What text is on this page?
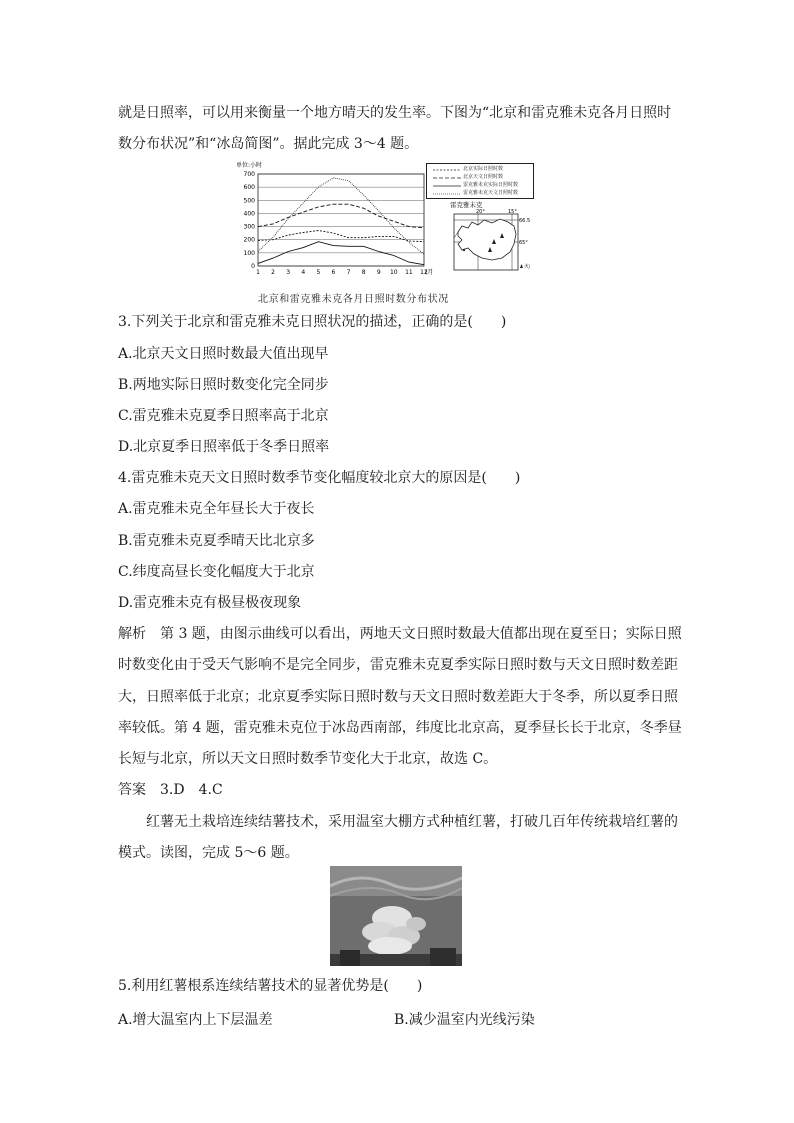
就是日照率，可以用来衡量一个地方晴天的发生率。下图为“北京和雷克雅未克各月日照时
数分布状况”和“冰岛简图”。据此完成 3～4 题。
单位:小时
0
100
200
300
400
500
600
700
1 2 3 4 5 6 7 8 9 10 11 12
(月
北京实际日照时数
北京天文日照时数
雷克雅未克实际日照时数
雷克雅未克天文日照时数
雷克雅未克
20°	15°
66.5
65°
火
北京和雷克雅未克各月日照时数分布状况
3.下列关于北京和雷克雅未克日照状况的描述，正确的是(　　)
A.北京天文日照时数最大值出现早
B.两地实际日照时数变化完全同步
C.雷克雅未克夏季日照率高于北京
D.北京夏季日照率低于冬季日照率
4.雷克雅未克天文日照时数季节变化幅度较北京大的原因是(　　)
A.雷克雅未克全年昼长大于夜长
B.雷克雅未克夏季晴天比北京多
C.纬度高昼长变化幅度大于北京
D.雷克雅未克有极昼极夜现象
解析　第 3 题，由图示曲线可以看出，两地天文日照时数最大值都出现在夏至日；实际日照
时数变化由于受天气影响不是完全同步，雷克雅未克夏季实际日照时数与天文日照时数差距
大，日照率低于北京；北京夏季实际日照时数与天文日照时数差距大于冬季，所以夏季日照
率较低。第 4 题，雷克雅未克位于冰岛西南部，纬度比北京高，夏季昼长长于北京，冬季昼
长短与北京，所以天文日照时数季节变化大于北京，故选 C。
答案　3.D　4.C
红薯无土栽培连续结薯技术，采用温室大棚方式种植红薯，打破几百年传统栽培红薯的
模式。读图，完成 5～6 题。
5.利用红薯根系连续结薯技术的显著优势是(　　)
A.增大温室内上下层温差	B.减少温室内光线污染
